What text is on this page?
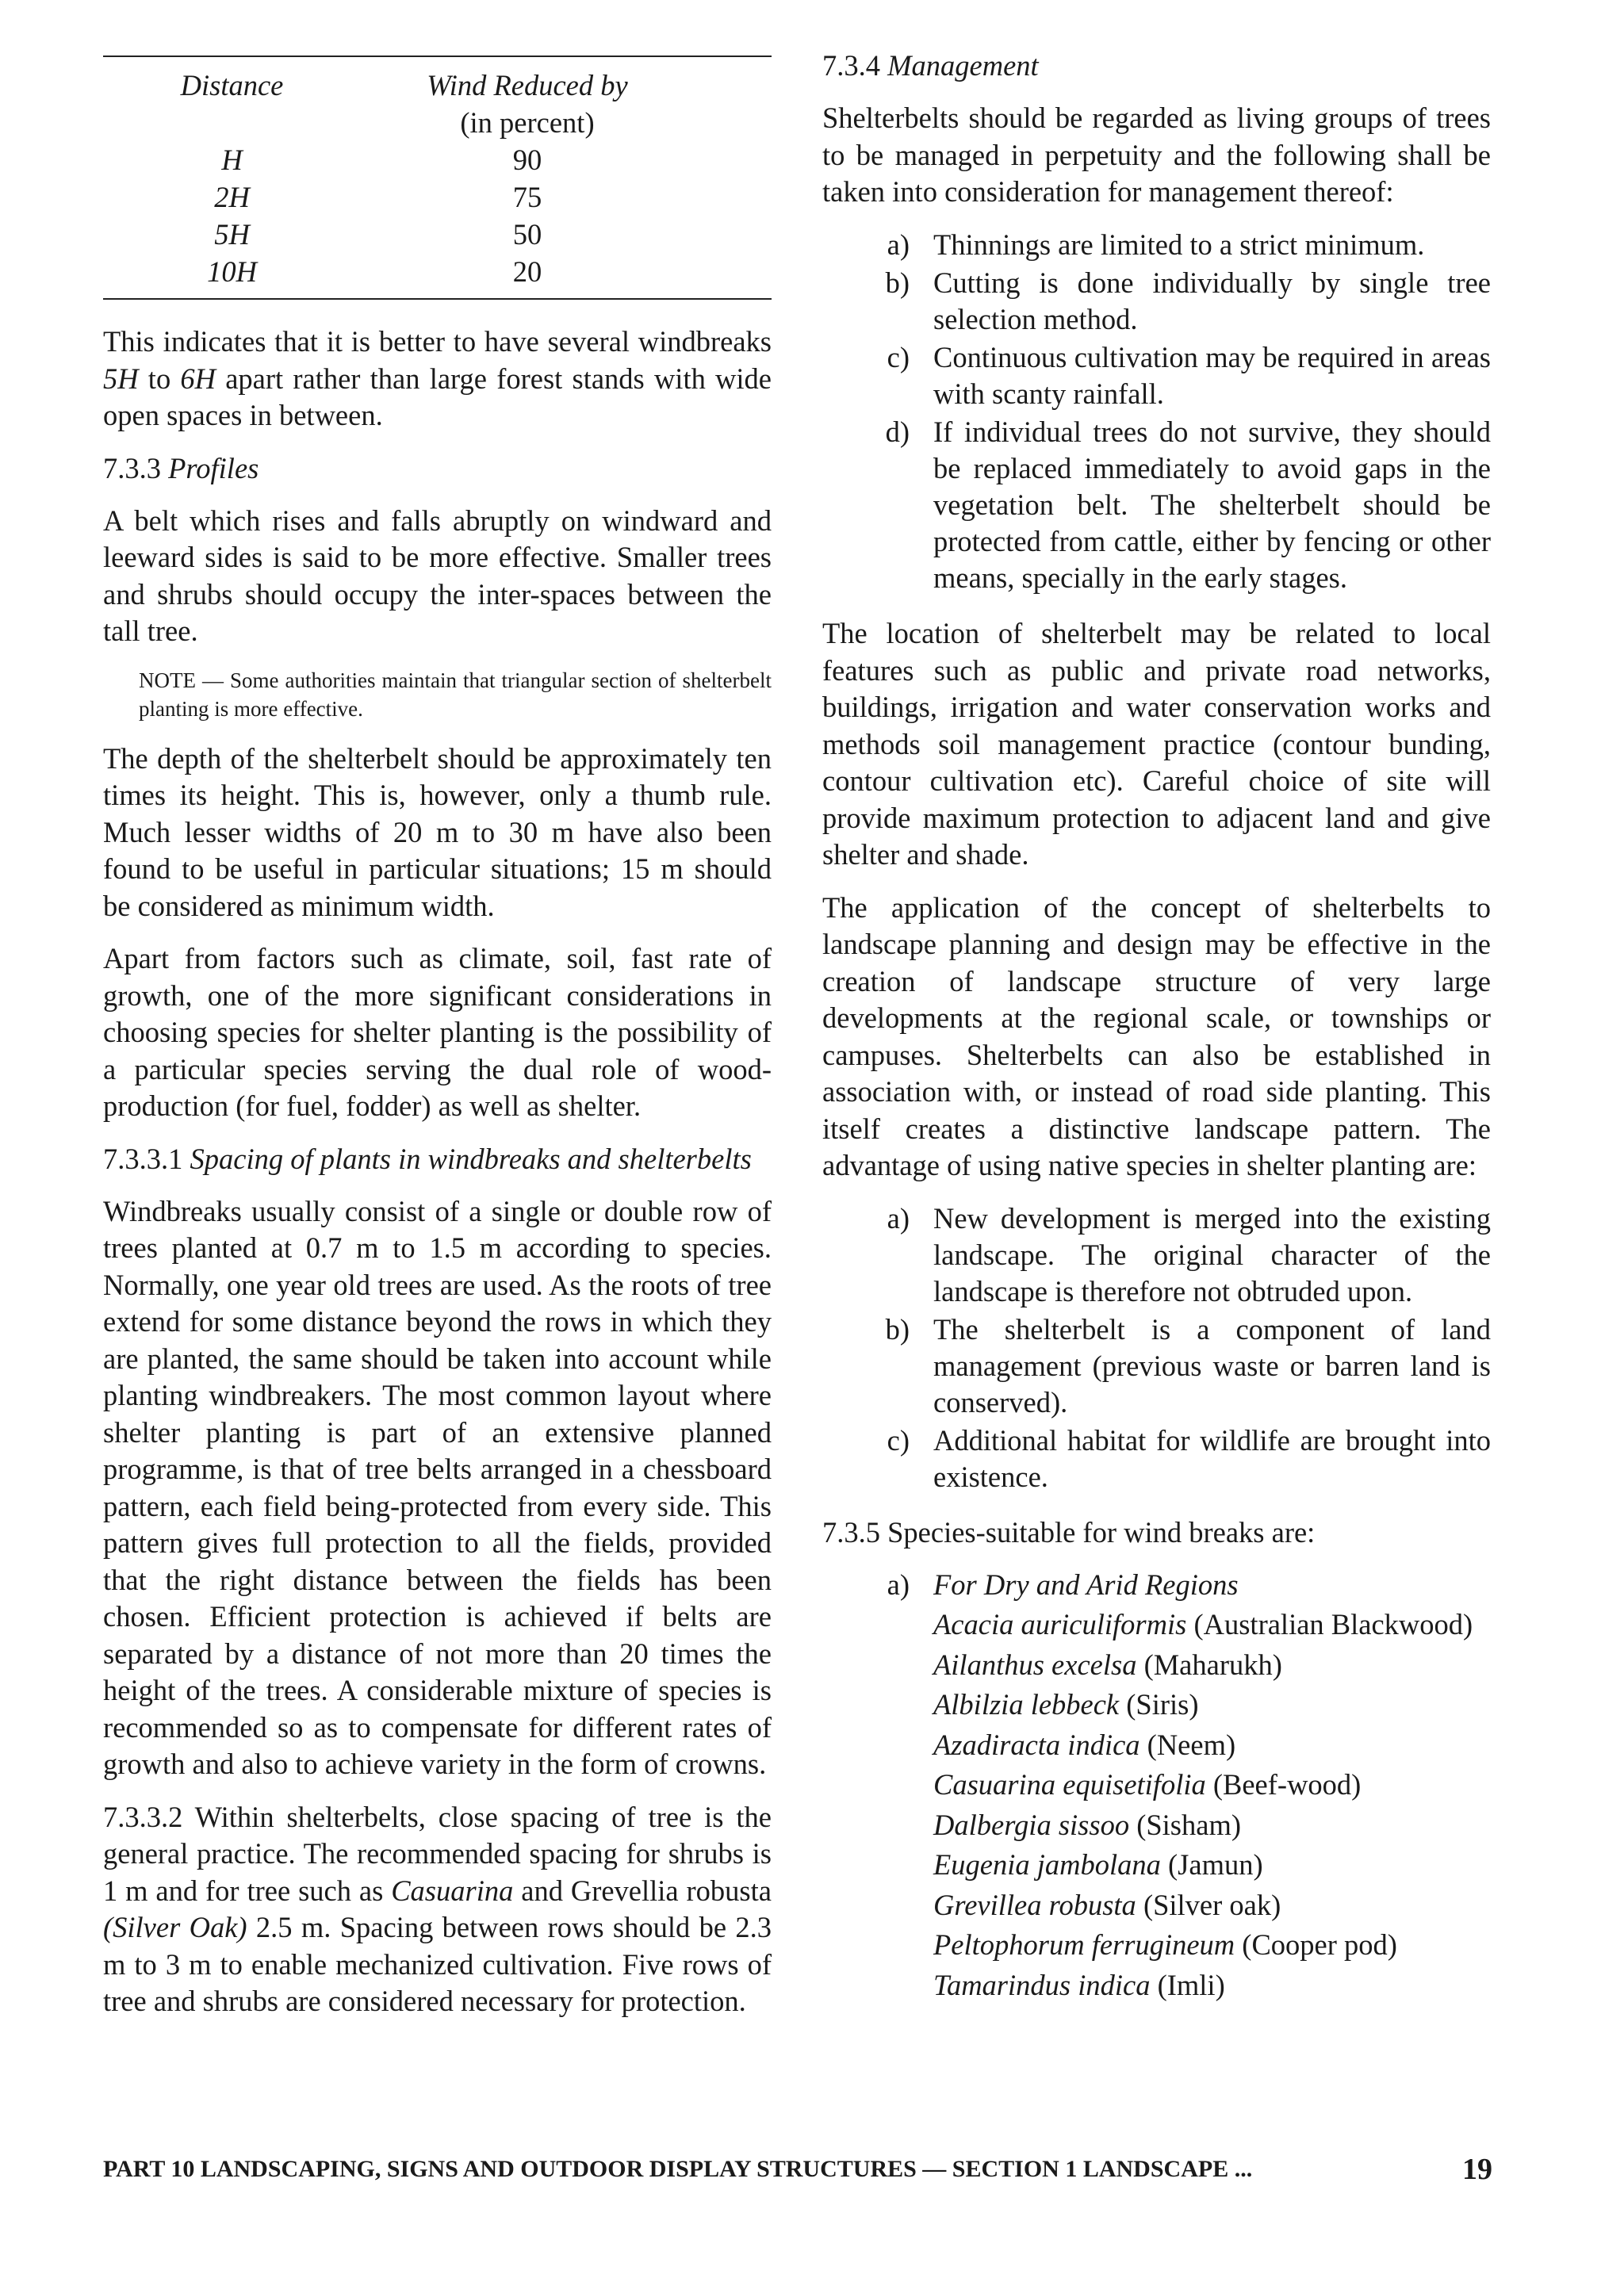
Distance	Wind Reduced by
(in percent)
H	90
2H	75
5H	50
10H	20

This indicates that it is better to have several windbreaks 5H to 6H apart rather than large forest stands with wide open spaces in between.

7.3.3 Profiles

A belt which rises and falls abruptly on windward and leeward sides is said to be more effective. Smaller trees and shrubs should occupy the inter-spaces between the tall tree.

NOTE — Some authorities maintain that triangular section of shelterbelt planting is more effective.

The depth of the shelterbelt should be approximately ten times its height. This is, however, only a thumb rule. Much lesser widths of 20 m to 30 m have also been found to be useful in particular situations; 15 m should be considered as minimum width.

Apart from factors such as climate, soil, fast rate of growth, one of the more significant considerations in choosing species for shelter planting is the possibility of a particular species serving the dual role of wood-production (for fuel, fodder) as well as shelter.

7.3.3.1 Spacing of plants in windbreaks and shelterbelts

Windbreaks usually consist of a single or double row of trees planted at 0.7 m to 1.5 m according to species. Normally, one year old trees are used. As the roots of tree extend for some distance beyond the rows in which they are planted, the same should be taken into account while planting windbreakers. The most common layout where shelter planting is part of an extensive planned programme, is that of tree belts arranged in a chessboard pattern, each field being-protected from every side. This pattern gives full protection to all the fields, provided that the right distance between the fields has been chosen. Efficient protection is achieved if belts are separated by a distance of not more than 20 times the height of the trees. A considerable mixture of species is recommended so as to compensate for different rates of growth and also to achieve variety in the form of crowns.

7.3.3.2 Within shelterbelts, close spacing of tree is the general practice. The recommended spacing for shrubs is 1 m and for tree such as Casuarina and Grevellia robusta (Silver Oak) 2.5 m. Spacing between rows should be 2.3 m to 3 m to enable mechanized cultivation. Five rows of tree and shrubs are considered necessary for protection.

7.3.4 Management

Shelterbelts should be regarded as living groups of trees to be managed in perpetuity and the following shall be taken into consideration for management thereof:

a) Thinnings are limited to a strict minimum.
b) Cutting is done individually by single tree selection method.
c) Continuous cultivation may be required in areas with scanty rainfall.
d) If individual trees do not survive, they should be replaced immediately to avoid gaps in the vegetation belt. The shelterbelt should be protected from cattle, either by fencing or other means, specially in the early stages.

The location of shelterbelt may be related to local features such as public and private road networks, buildings, irrigation and water conservation works and methods soil management practice (contour bunding, contour cultivation etc). Careful choice of site will provide maximum protection to adjacent land and give shelter and shade.

The application of the concept of shelterbelts to landscape planning and design may be effective in the creation of landscape structure of very large developments at the regional scale, or townships or campuses. Shelterbelts can also be established in association with, or instead of road side planting. This itself creates a distinctive landscape pattern. The advantage of using native species in shelter planting are:

a) New development is merged into the existing landscape. The original character of the landscape is therefore not obtruded upon.
b) The shelterbelt is a component of land management (previous waste or barren land is conserved).
c) Additional habitat for wildlife are brought into existence.

7.3.5 Species-suitable for wind breaks are:

a) For Dry and Arid Regions
Acacia auriculiformis (Australian Blackwood)
Ailanthus excelsa (Maharukh)
Albilzia lebbeck (Siris)
Azadiracta indica (Neem)
Casuarina equisetifolia (Beef-wood)
Dalbergia sissoo (Sisham)
Eugenia jambolana (Jamun)
Grevillea robusta (Silver oak)
Peltophorum ferrugineum (Cooper pod)
Tamarindus indica (Imli)
PART 10 LANDSCAPING, SIGNS AND OUTDOOR DISPLAY STRUCTURES — SECTION 1 LANDSCAPE ...	19
